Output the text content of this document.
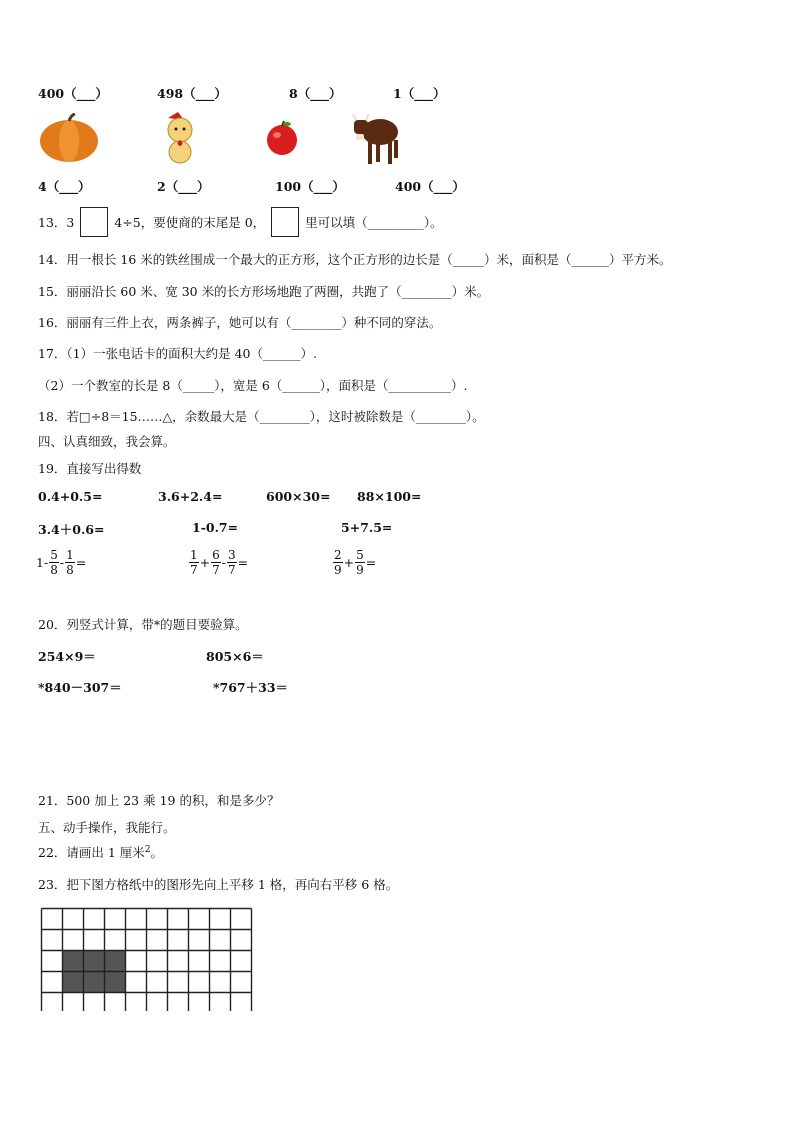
400（___）	498（___）	8（___）	1（___）
4（___）	2（___）	100（___）	400（___）
13．3	4÷5，要使商的末尾是 0，	里可以填（_________）。
14．用一根长 16 米的铁丝围成一个最大的正方形，这个正方形的边长是（_____）米，面积是（______）平方米。
15．丽丽沿长 60 米、宽 30 米的长方形场地跑了两圈，共跑了（________）米。
16．丽丽有三件上衣，两条裤子，她可以有（________）种不同的穿法。
17．（1）一张电话卡的面积大约是 40（______）.
（2）一个教室的长是 8（_____），宽是 6（______），面积是（__________）.
18．若□÷8＝15……△，余数最大是（________），这时被除数是（________）。
四、认真细致，我会算。
19．直接写出得数
0.4+0.5=	3.6+2.4=	600×30= 88×100=
3.4＋0.6=	1-0.7=	5+7.5=
$1- \frac{5}{8} - \frac{1}{8}$ =	$\frac{1}{7} + \frac{6}{7} - \frac{3}{7}$ =	$\frac{2}{9} + \frac{5}{9}$ =
20．列竖式计算，带*的题目要验算。
254×9＝	805×6＝
*840－307＝	*767＋33＝
21．500 加上 23 乘 19 的积，和是多少？
五、动手操作，我能行。
22．请画出 1 厘米$^2$。
23．把下图方格纸中的图形先向上平移 1 格，再向右平移 6 格。
